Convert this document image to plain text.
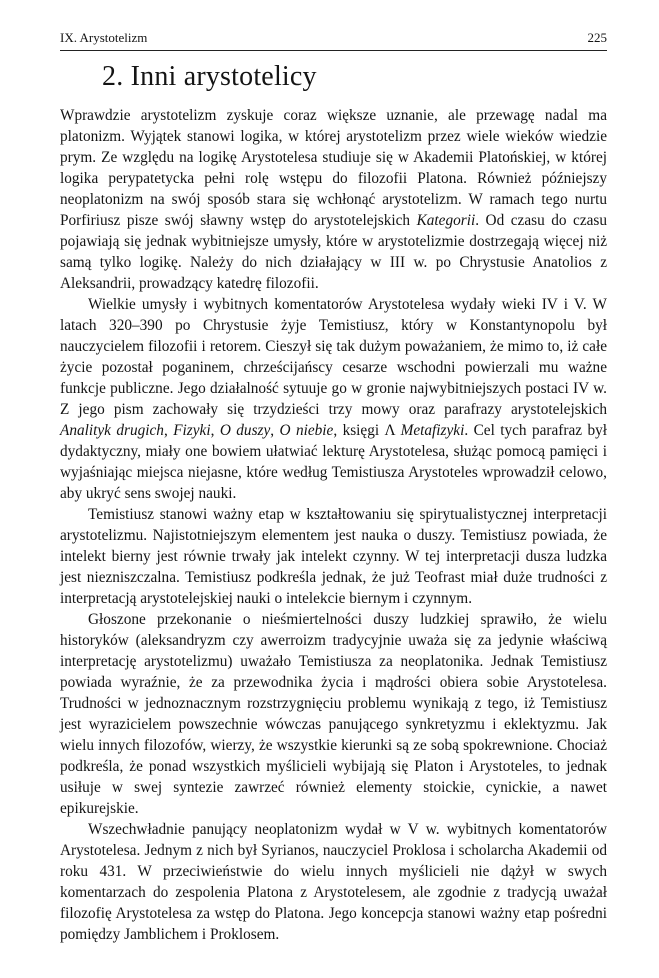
IX. Arystotelizm	225
2. Inni arystotelicy

Wprawdzie arystotelizm zyskuje coraz większe uznanie, ale przewagę nadal ma platonizm. Wyjątek stanowi logika, w której arystotelizm przez wiele wieków wiedzie prym. Ze względu na logikę Arystotelesa studiuje się w Akademii Platońskiej, w której logika perypatetycka pełni rolę wstępu do filozofii Platona. Również późniejszy neoplatonizm na swój sposób stara się wchłonąć arystotelizm. W ramach tego nurtu Porfiriusz pisze swój sławny wstęp do arystotelejskich Kategorii. Od czasu do czasu pojawiają się jednak wybitniejsze umysły, które w arystotelizmie dostrzegają więcej niż samą tylko logikę. Należy do nich działający w III w. po Chrystusie Anatolios z Aleksandrii, prowadzący katedrę filozofii.

Wielkie umysły i wybitnych komentatorów Arystotelesa wydały wieki IV i V. W latach 320–390 po Chrystusie żyje Temistiusz, który w Konstantynopolu był nauczycielem filozofii i retorem. Cieszył się tak dużym poważaniem, że mimo to, iż całe życie pozostał poganinem, chrześcijańscy cesarze wschodni powierzali mu ważne funkcje publiczne. Jego działalność sytuuje go w gronie najwybitniejszych postaci IV w. Z jego pism zachowały się trzydzieści trzy mowy oraz parafrazy arystotelejskich Analityk drugich, Fizyki, O duszy, O niebie, księgi Λ Metafizyki. Cel tych parafraz był dydaktyczny, miały one bowiem ułatwiać lekturę Arystotelesa, służąc pomocą pamięci i wyjaśniając miejsca niejasne, które według Temistiusza Arystoteles wprowadził celowo, aby ukryć sens swojej nauki.

Temistiusz stanowi ważny etap w kształtowaniu się spirytualistycznej interpretacji arystotelizmu. Najistotniejszym elementem jest nauka o duszy. Temistiusz powiada, że intelekt bierny jest równie trwały jak intelekt czynny. W tej interpretacji dusza ludzka jest niezniszczalna. Temistiusz podkreśla jednak, że już Teofrast miał duże trudności z interpretacją arystotelejskiej nauki o intelekcie biernym i czynnym.

Głoszone przekonanie o nieśmiertelności duszy ludzkiej sprawiło, że wielu historyków (aleksandryzm czy awerroizm tradycyjnie uważa się za jedynie właściwą interpretację arystotelizmu) uważało Temistiusza za neoplatonika. Jednak Temistiusz powiada wyraźnie, że za przewodnika życia i mądrości obiera sobie Arystotelesa. Trudności w jednoznacznym rozstrzygnięciu problemu wynikają z tego, iż Temistiusz jest wyrazicielem powszechnie wówczas panującego synkretyzmu i eklektyzmu. Jak wielu innych filozofów, wierzy, że wszystkie kierunki są ze sobą spokrewnione. Chociaż podkreśla, że ponad wszystkich myślicieli wybijają się Platon i Arystoteles, to jednak usiłuje w swej syntezie zawrzeć również elementy stoickie, cynickie, a nawet epikurejskie.

Wszechwładnie panujący neoplatonizm wydał w V w. wybitnych komentatorów Arystotelesa. Jednym z nich był Syrianos, nauczyciel Proklosa i scholarcha Akademii od roku 431. W przeciwieństwie do wielu innych myślicieli nie dążył w swych komentarzach do zespolenia Platona z Arystotelesem, ale zgodnie z tradycją uważał filozofię Arystotelesa za wstęp do Platona. Jego koncepcja stanowi ważny etap pośredni pomiędzy Jamblichem i Proklosem.
